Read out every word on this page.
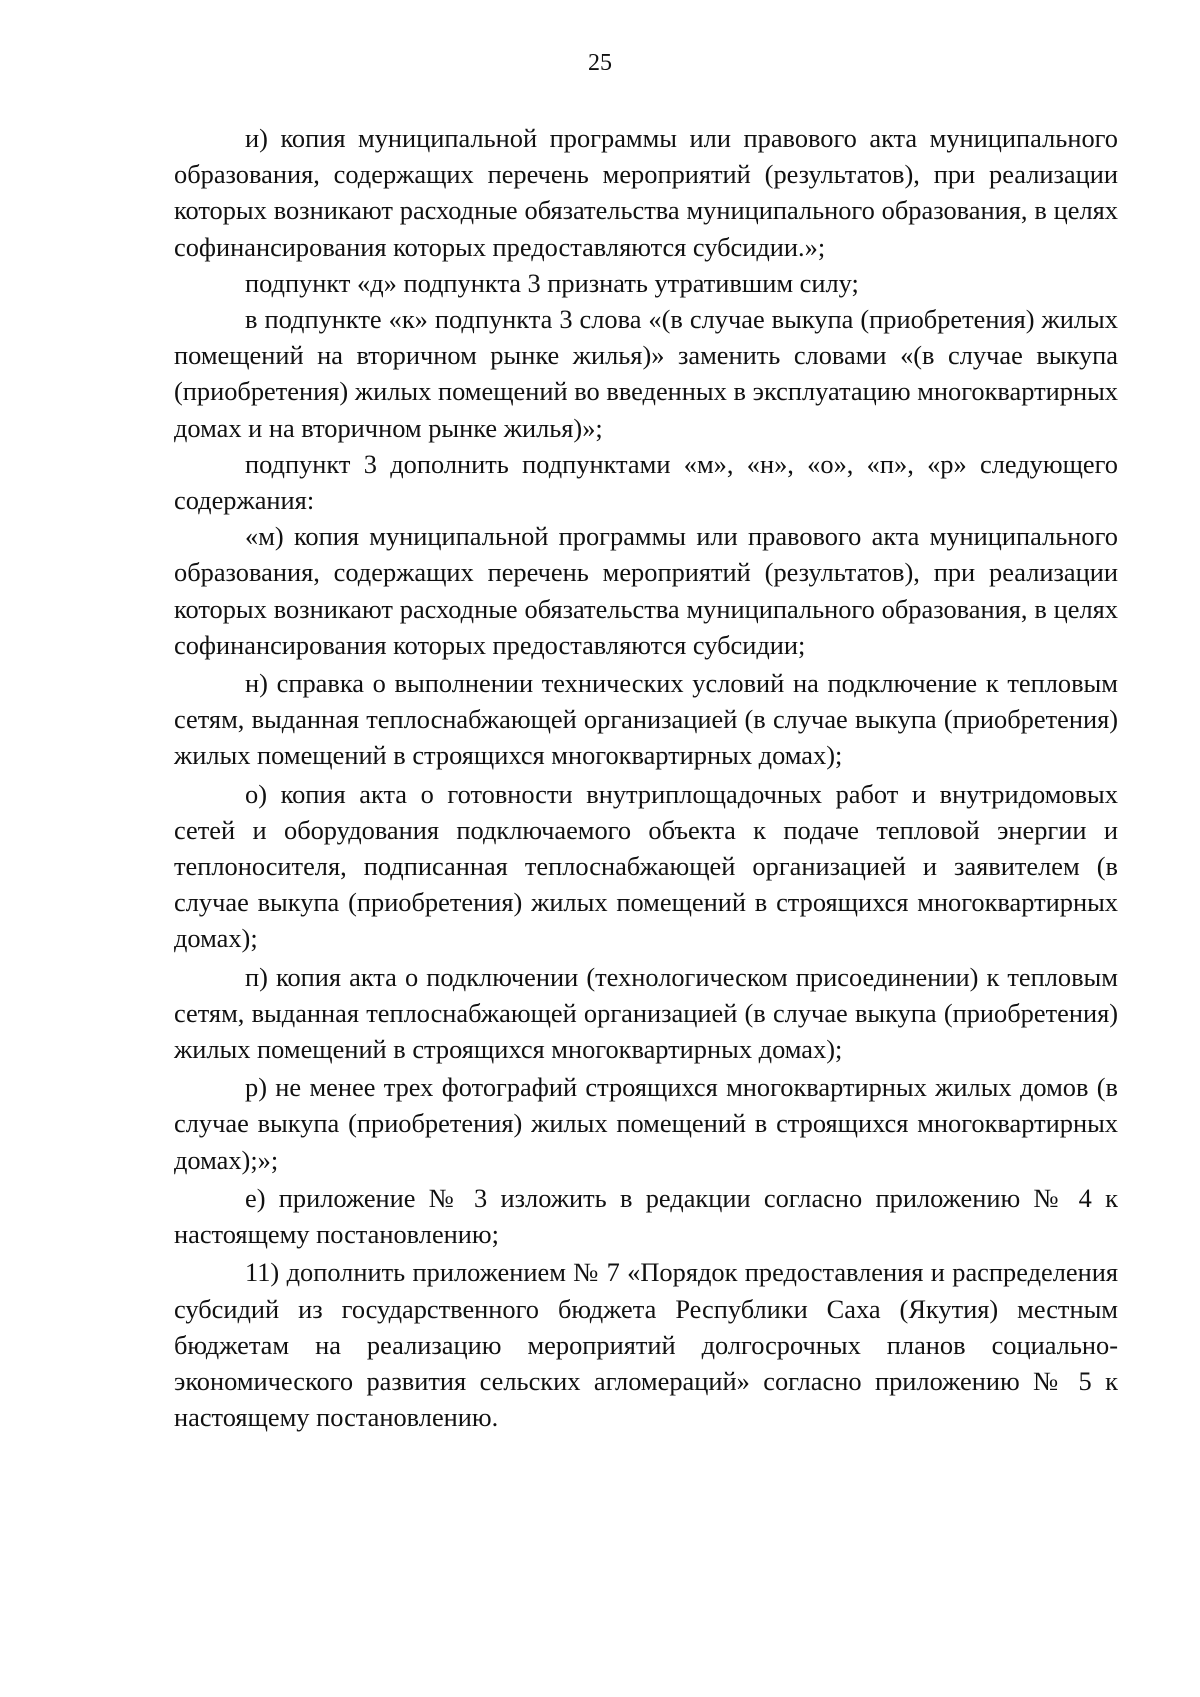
25

и) копия муниципальной программы или правового акта муниципального образования, содержащих перечень мероприятий (результатов), при реализации которых возникают расходные обязательства муниципального образования, в целях софинансирования которых предоставляются субсидии.»;

подпункт «д» подпункта 3 признать утратившим силу;

в подпункте «к» подпункта 3 слова «(в случае выкупа (приобретения) жилых помещений на вторичном рынке жилья)» заменить словами «(в случае выкупа (приобретения) жилых помещений во введенных в эксплуатацию многоквартирных домах и на вторичном рынке жилья)»;

подпункт 3 дополнить подпунктами «м», «н», «о», «п», «р» следующего содержания:

«м) копия муниципальной программы или правового акта муниципального образования, содержащих перечень мероприятий (результатов), при реализации которых возникают расходные обязательства муниципального образования, в целях софинансирования которых предоставляются субсидии;

н) справка о выполнении технических условий на подключение к тепловым сетям, выданная теплоснабжающей организацией (в случае выкупа (приобретения) жилых помещений в строящихся многоквартирных домах);

о) копия акта о готовности внутриплощадочных работ и внутридомовых сетей и оборудования подключаемого объекта к подаче тепловой энергии и теплоносителя, подписанная теплоснабжающей организацией и заявителем (в случае выкупа (приобретения) жилых помещений в строящихся многоквартирных домах);

п) копия акта о подключении (технологическом присоединении) к тепловым сетям, выданная теплоснабжающей организацией (в случае выкупа (приобретения) жилых помещений в строящихся многоквартирных домах);

р) не менее трех фотографий строящихся многоквартирных жилых домов (в случае выкупа (приобретения) жилых помещений в строящихся многоквартирных домах);»;

е) приложение № 3 изложить в редакции согласно приложению № 4 к настоящему постановлению;

11) дополнить приложением № 7 «Порядок предоставления и распределения субсидий из государственного бюджета Республики Саха (Якутия) местным бюджетам на реализацию мероприятий долгосрочных планов социально-экономического развития сельских агломераций» согласно приложению № 5 к настоящему постановлению.
